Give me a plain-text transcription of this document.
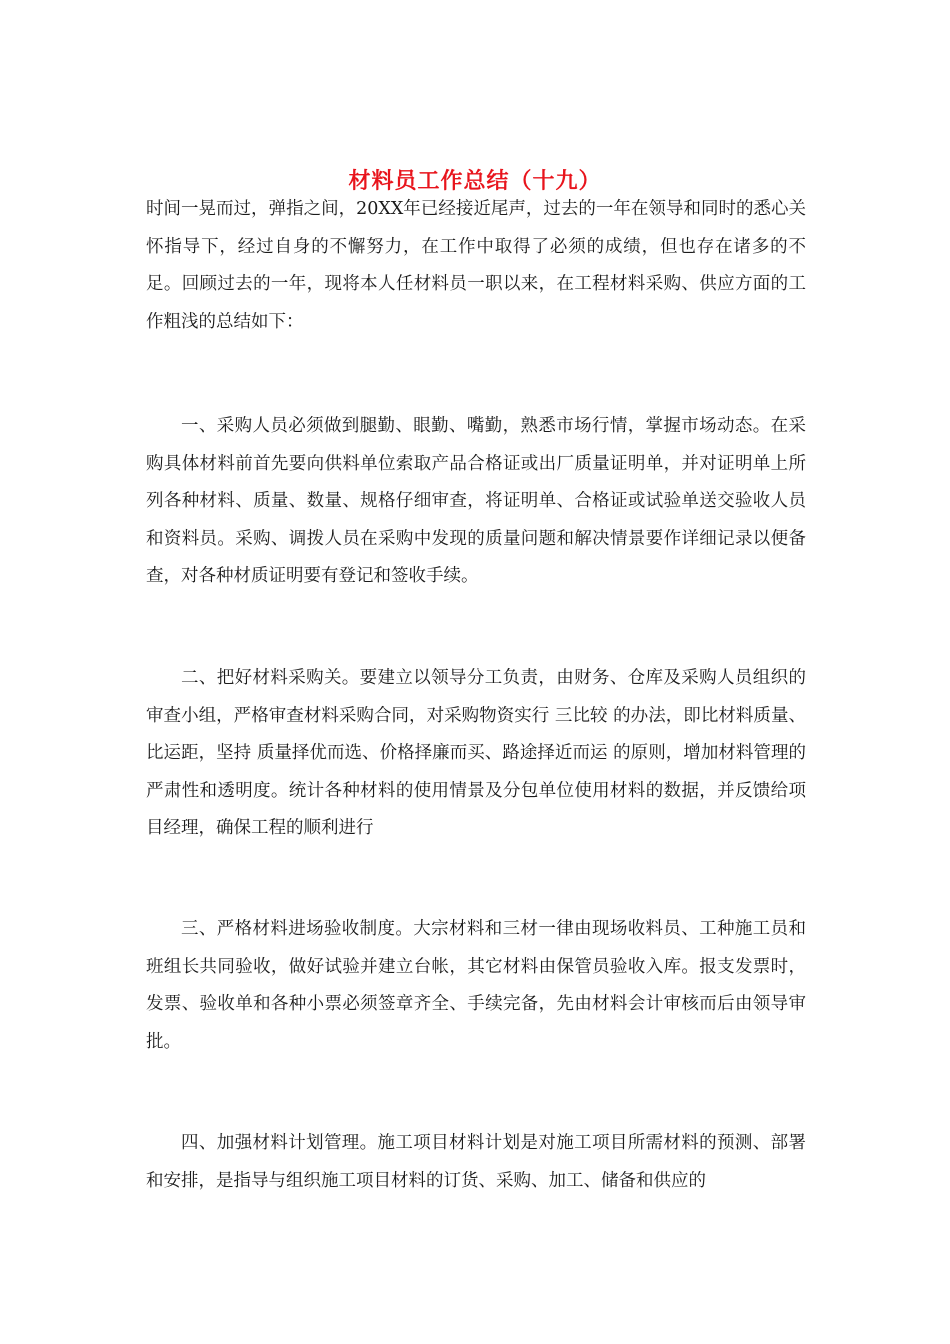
材料员工作总结（十九）

时间一晃而过，弹指之间，20XX年已经接近尾声，过去的一年在领导和同时的悉心关怀指导下，经过自身的不懈努力，在工作中取得了必须的成绩，但也存在诸多的不足。回顾过去的一年，现将本人任材料员一职以来，在工程材料采购、供应方面的工作粗浅的总结如下：

一、采购人员必须做到腿勤、眼勤、嘴勤，熟悉市场行情，掌握市场动态。在采购具体材料前首先要向供料单位索取产品合格证或出厂质量证明单，并对证明单上所列各种材料、质量、数量、规格仔细审查，将证明单、合格证或试验单送交验收人员和资料员。采购、调拨人员在采购中发现的质量问题和解决情景要作详细记录以便备查，对各种材质证明要有登记和签收手续。

二、把好材料采购关。要建立以领导分工负责，由财务、仓库及采购人员组织的审查小组，严格审查材料采购合同，对采购物资实行 三比较 的办法，即比材料质量、比运距，坚持 质量择优而选、价格择廉而买、路途择近而运 的原则，增加材料管理的严肃性和透明度。统计各种材料的使用情景及分包单位使用材料的数据，并反馈给项目经理，确保工程的顺利进行

三、严格材料进场验收制度。大宗材料和三材一律由现场收料员、工种施工员和班组长共同验收，做好试验并建立台帐，其它材料由保管员验收入库。报支发票时，发票、验收单和各种小票必须签章齐全、手续完备，先由材料会计审核而后由领导审批。

四、加强材料计划管理。施工项目材料计划是对施工项目所需材料的预测、部署和安排，是指导与组织施工项目材料的订货、采购、加工、储备和供应的
